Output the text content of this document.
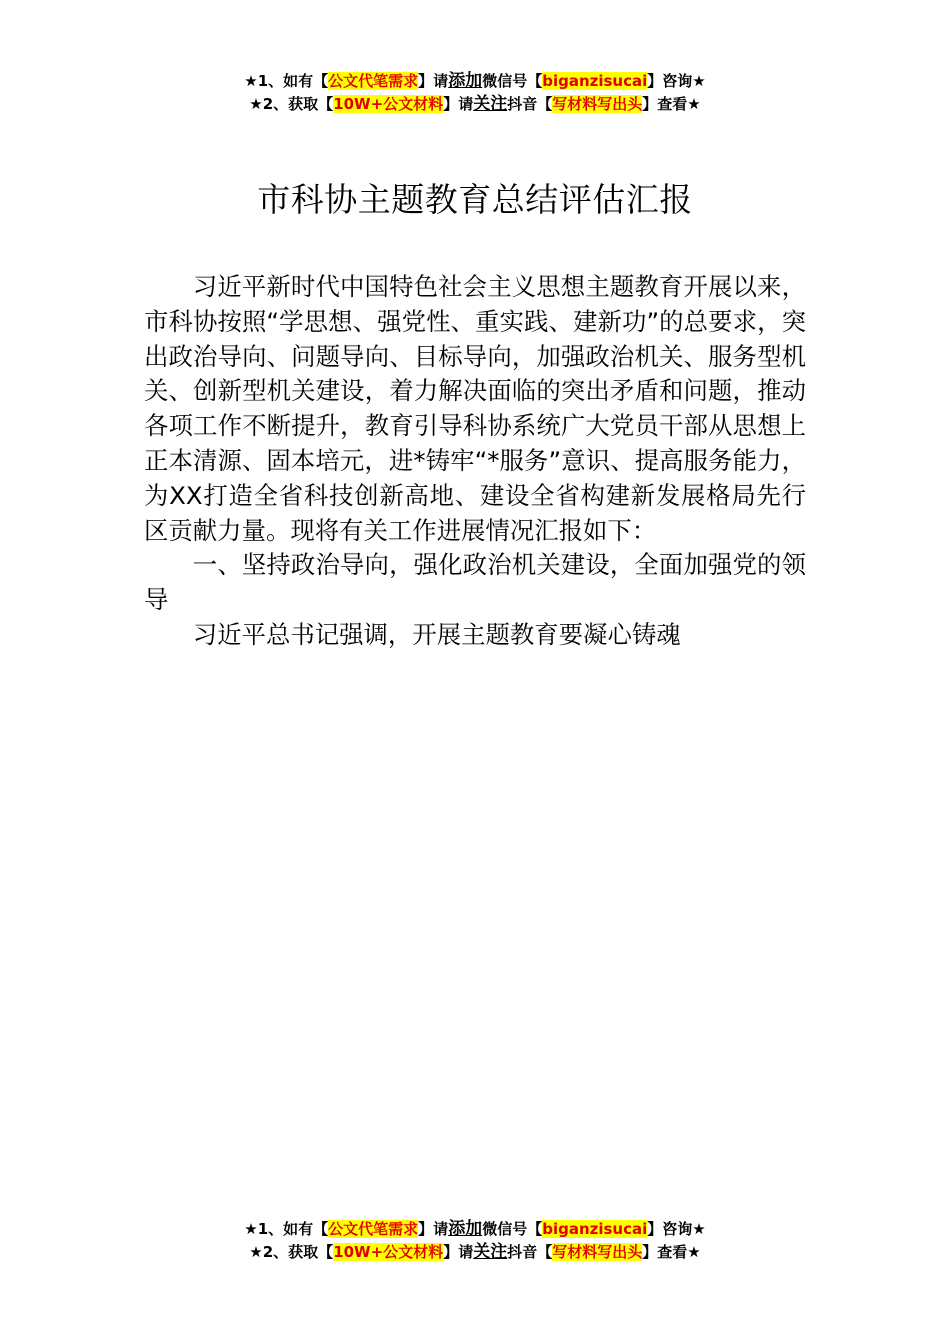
★1、如有【公文代笔需求】请添加微信号【biganzisucai】咨询★
★2、获取【10W+公文材料】请关注抖音【写材料写出头】查看★
市科协主题教育总结评估汇报

习近平新时代中国特色社会主义思想主题教育开展以来，市科协按照“学思想、强党性、重实践、建新功”的总要求，突出政治导向、问题导向、目标导向，加强政治机关、服务型机关、创新型机关建设，着力解决面临的突出矛盾和问题，推动各项工作不断提升，教育引导科协系统广大党员干部从思想上正本清源、固本培元，进*铸牢“*服务”意识、提高服务能力，为XX打造全省科技创新高地、建设全省构建新发展格局先行区贡献力量。现将有关工作进展情况汇报如下：

一、坚持政治导向，强化政治机关建设，全面加强党的领导

习近平总书记强调，开展主题教育要凝心铸魂

★1、如有【公文代笔需求】请添加微信号【biganzisucai】咨询★
★2、获取【10W+公文材料】请关注抖音【写材料写出头】查看★
